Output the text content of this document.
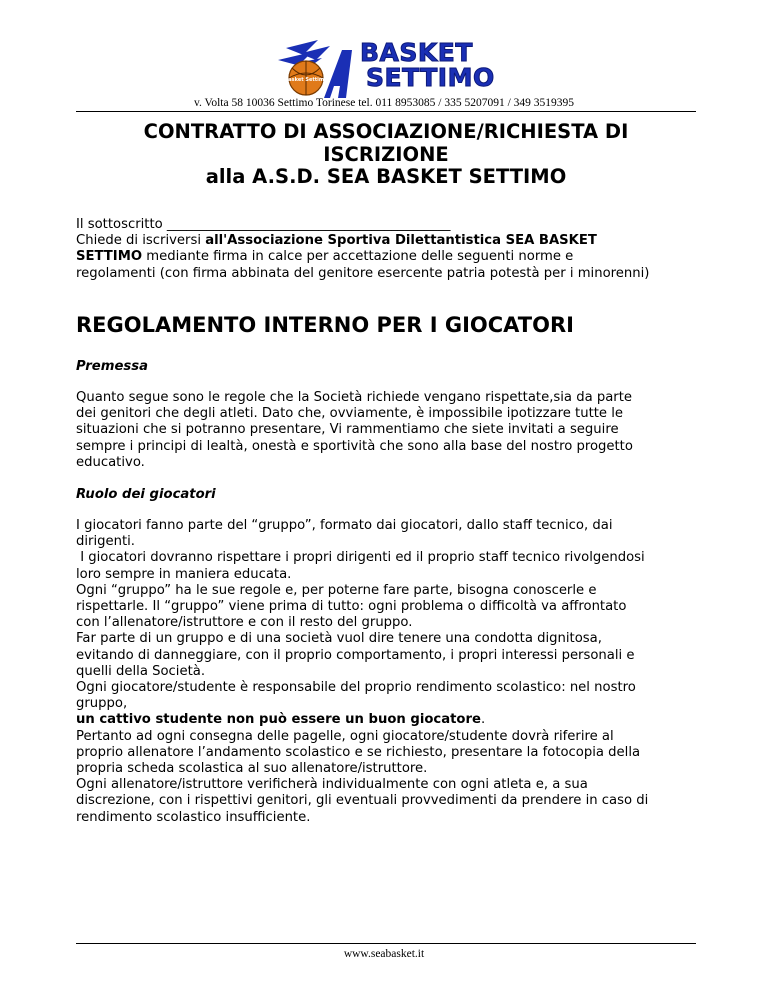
Basket Settimo
BASKET
SETTIMO
v. Volta 58 10036 Settimo Torinese tel. 011 8953085 / 335 5207091 / 349 3519395
CONTRATTO DI ASSOCIAZIONE/RICHIESTA DI
ISCRIZIONE
alla A.S.D. SEA BASKET SETTIMO
Il sottoscritto ___________________________________________
Chiede di iscriversi all'Associazione Sportiva Dilettantistica SEA BASKET
SETTIMO mediante firma in calce per accettazione delle seguenti norme e
regolamenti (con firma abbinata del genitore esercente patria potestà per i minorenni)
REGOLAMENTO INTERNO PER I GIOCATORI
Premessa
Quanto segue sono le regole che la Società richiede vengano rispettate,sia da parte
dei genitori che degli atleti. Dato che, ovviamente, è impossibile ipotizzare tutte le
situazioni che si potranno presentare, Vi rammentiamo che siete invitati a seguire
sempre i principi di lealtà, onestà e sportività che sono alla base del nostro progetto
educativo.
Ruolo dei giocatori
I giocatori fanno parte del “gruppo”, formato dai giocatori, dallo staff tecnico, dai
dirigenti.
I giocatori dovranno rispettare i propri dirigenti ed il proprio staff tecnico rivolgendosi
loro sempre in maniera educata.
Ogni “gruppo” ha le sue regole e, per poterne fare parte, bisogna conoscerle e
rispettarle. Il “gruppo” viene prima di tutto: ogni problema o difficoltà va affrontato
con l’allenatore/istruttore e con il resto del gruppo.
Far parte di un gruppo e di una società vuol dire tenere una condotta dignitosa,
evitando di danneggiare, con il proprio comportamento, i propri interessi personali e
quelli della Società.
Ogni giocatore/studente è responsabile del proprio rendimento scolastico: nel nostro
gruppo,
un cattivo studente non può essere un buon giocatore.
Pertanto ad ogni consegna delle pagelle, ogni giocatore/studente dovrà riferire al
proprio allenatore l’andamento scolastico e se richiesto, presentare la fotocopia della
propria scheda scolastica al suo allenatore/istruttore.
Ogni allenatore/istruttore verificherà individualmente con ogni atleta e, a sua
discrezione, con i rispettivi genitori, gli eventuali provvedimenti da prendere in caso di
rendimento scolastico insufficiente.
www.seabasket.it
